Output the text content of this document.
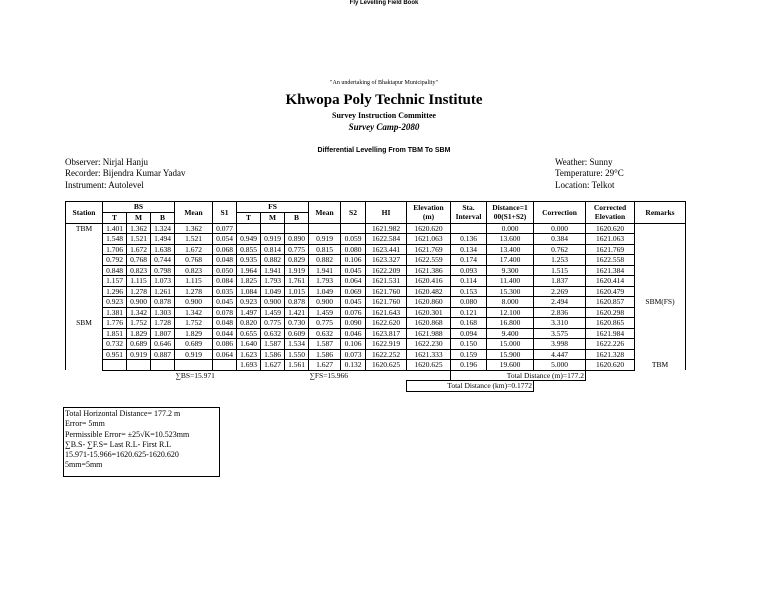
"An undertaking of Bhaktapur Municipality"
Khwopa Poly Technic Institute
Survey Instruction Committee
Survey Camp-2080
Differential Levelling From TBM To SBM
Observer: Nirjal Hanju
Recorder: Bijendra Kumar Yadav
Instrument: Autolevel
Weather: Sunny
Temperature: 29°C
Location: Telkot
Fly Levelling Field Book
Station	BS			Mean	S1	FS			Mean	S2	HI	Elevation (m)	Sta. Interval	Distance=1 00(S1+S2)	Correction	Corrected Elevation	Remarks	
	T	M	B			T	M	B										
TBM	1.401	1.362	1.324	1.362	0.077						1621.982	1620.620		0.000	0.000	1620.620		
	1.548	1.521	1.494	1.521	0.054	0.949	0.919	0.890	0.919	0.059	1622.584	1621.063	0.136	13.600	0.384	1621.063		
	1.706	1.672	1.638	1.672	0.068	0.855	0.814	0.775	0.815	0.080	1623.441	1621.769	0.134	13.400	0.762	1621.769		
	0.792	0.768	0.744	0.768	0.048	0.935	0.882	0.829	0.882	0.106	1623.327	1622.559	0.174	17.400	1.253	1622.558		
	0.848	0.823	0.798	0.823	0.050	1.964	1.941	1.919	1.941	0.045	1622.209	1621.386	0.093	9.300	1.515	1621.384		
	1.157	1.115	1.073	1.115	0.084	1.825	1.793	1.761	1.793	0.064	1621.531	1620.416	0.114	11.400	1.837	1620.414		
	1.296	1.278	1.261	1.278	0.035	1.084	1.049	1.015	1.049	0.069	1621.760	1620.482	0.153	15.300	2.269	1620.479		
	0.923	0.900	0.878	0.900	0.045	0.923	0.900	0.878	0.900	0.045	1621.760	1620.860	0.080	8.000	2.494	1620.857	SBM(FS)	
	1.381	1.342	1.303	1.342	0.078	1.497	1.459	1.421	1.459	0.076	1621.643	1620.301	0.121	12.100	2.836	1620.298		
SBM	1.776	1.752	1.728	1.752	0.048	0.820	0.775	0.730	0.775	0.090	1622.620	1620.868	0.168	16.800	3.310	1620.865		
	1.851	1.829	1.807	1.829	0.044	0.655	0.632	0.609	0.632	0.046	1623.817	1621.988	0.094	9.400	3.575	1621.984		
	0.732	0.689	0.646	0.689	0.086	1.640	1.587	1.534	1.587	0.106	1622.919	1622.230	0.150	15.000	3.998	1622.226		
	0.951	0.919	0.887	0.919	0.064	1.623	1.586	1.550	1.586	0.073	1622.252	1621.333	0.159	15.900	4.447	1621.328		
						1.693	1.627	1.561	1.627	0.132	1620.625	1620.625	0.196	19.600	5.000	1620.620	TBM	
				∑BS=15.971					∑FS=15.966				Total Distance (m)=177.2					
												Total Distance (km)=0.1772						
Total Horizontal Distance= 177.2 m
Error= 5mm
Permissible Error= ±25√K=10.523mm
∑B.S- ∑F.S= Last R.L- First R.L
15.971-15.966=1620.625-1620.620
5mm=5mm
